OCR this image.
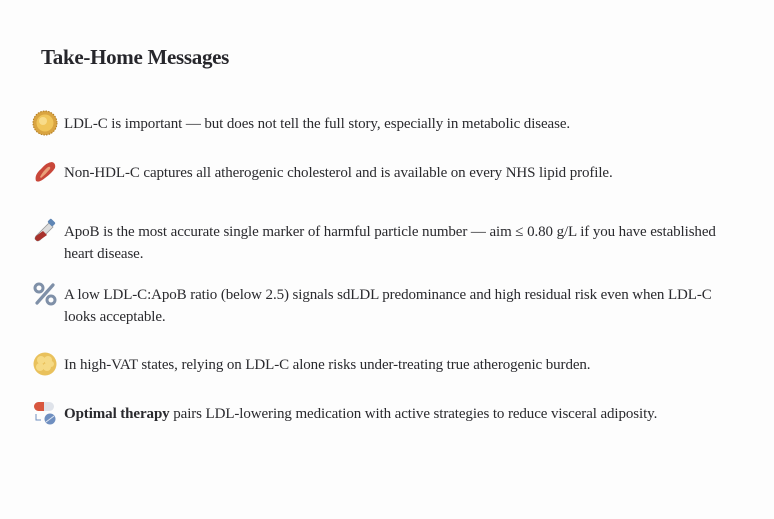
Take-Home Messages
LDL-C is important — but does not tell the full story, especially in metabolic disease.
Non-HDL-C captures all atherogenic cholesterol and is available on every NHS lipid profile.
ApoB is the most accurate single marker of harmful particle number — aim ≤ 0.80 g/L if you have established heart disease.
A low LDL-C:ApoB ratio (below 2.5) signals sdLDL predominance and high residual risk even when LDL-C looks acceptable.
In high-VAT states, relying on LDL-C alone risks under-treating true atherogenic burden.
Optimal therapy pairs LDL-lowering medication with active strategies to reduce visceral adiposity.
